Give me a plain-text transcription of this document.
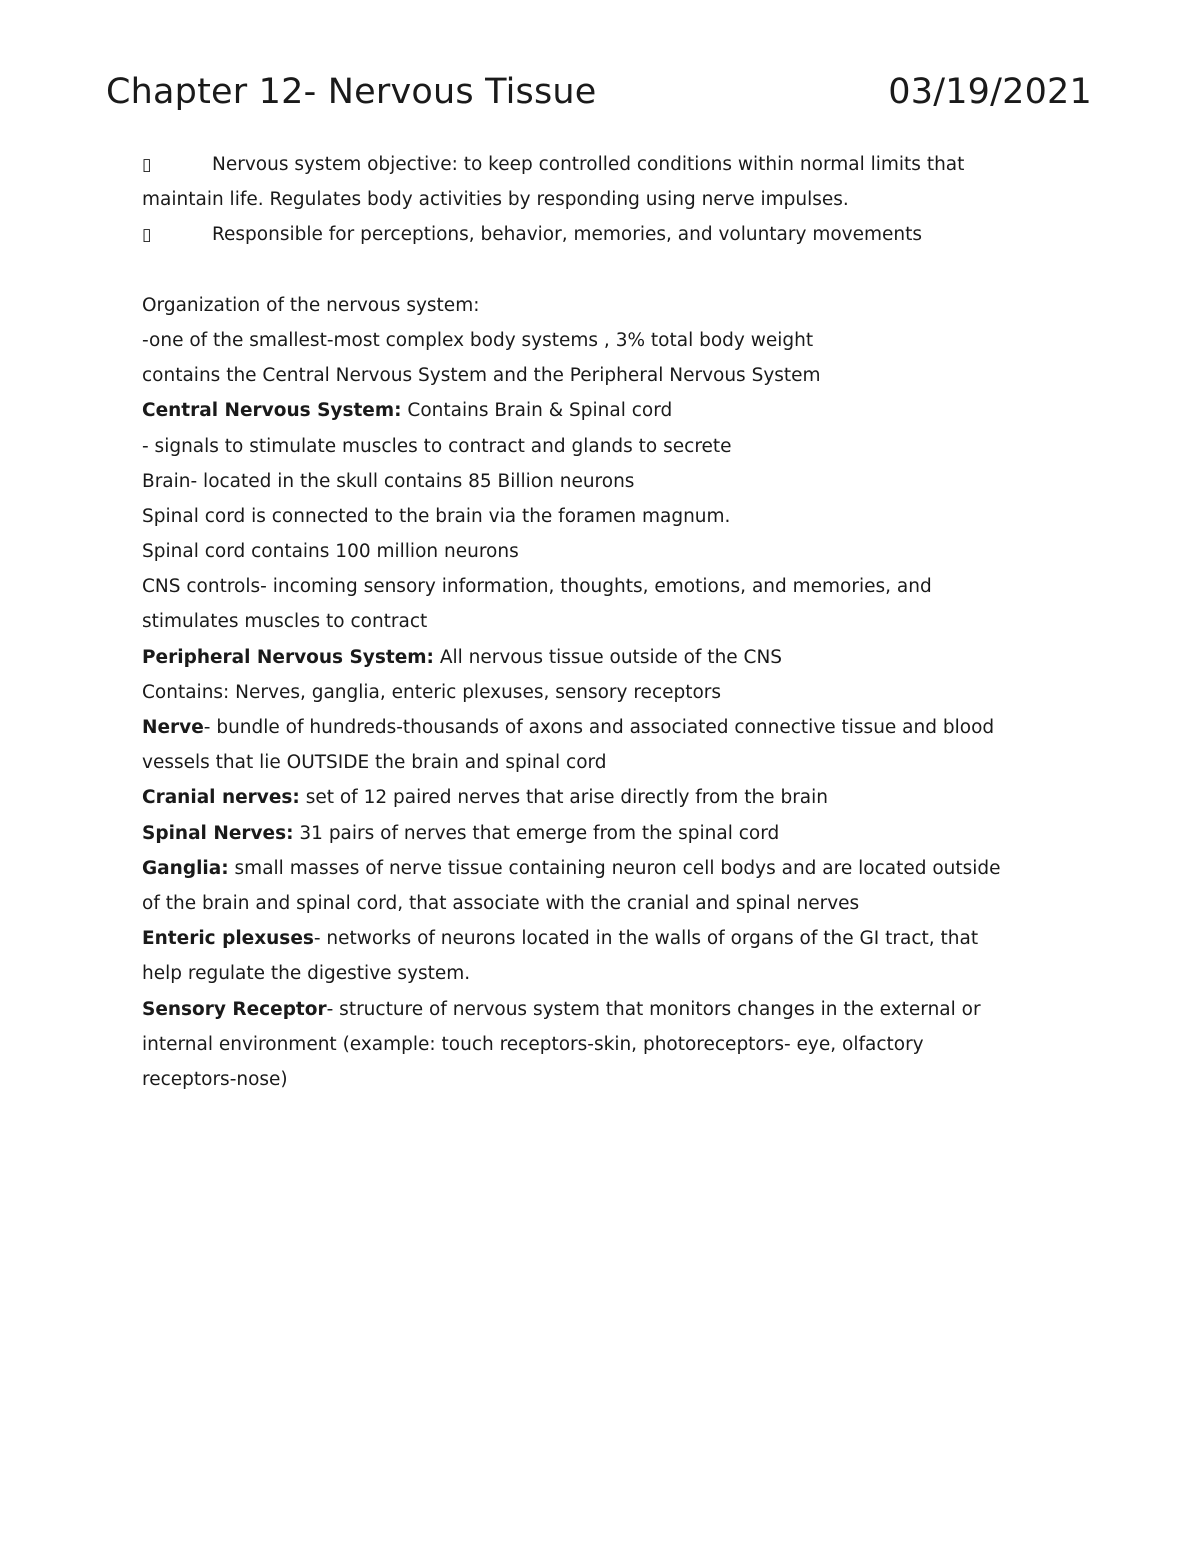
Chapter 12- Nervous Tissue	03/19/2021
▯	Nervous system objective: to keep controlled conditions within normal limits that
maintain life. Regulates body activities by responding using nerve impulses.
▯	Responsible for perceptions, behavior, memories, and voluntary movements
Organization of the nervous system:
-one of the smallest-most complex body systems , 3% total body weight
contains the Central Nervous System and the Peripheral Nervous System
Central Nervous System: Contains Brain & Spinal cord
- signals to stimulate muscles to contract and glands to secrete
Brain- located in the skull contains 85 Billion neurons
Spinal cord is connected to the brain via the foramen magnum.
Spinal cord contains 100 million neurons
CNS controls- incoming sensory information, thoughts, emotions, and memories, and
stimulates muscles to contract
Peripheral Nervous System: All nervous tissue outside of the CNS
Contains: Nerves, ganglia, enteric plexuses, sensory receptors
Nerve- bundle of hundreds-thousands of axons and associated connective tissue and blood
vessels that lie OUTSIDE the brain and spinal cord
Cranial nerves: set of 12 paired nerves that arise directly from the brain
Spinal Nerves: 31 pairs of nerves that emerge from the spinal cord
Ganglia: small masses of nerve tissue containing neuron cell bodys and are located outside
of the brain and spinal cord, that associate with the cranial and spinal nerves
Enteric plexuses- networks of neurons located in the walls of organs of the GI tract, that
help regulate the digestive system.
Sensory Receptor- structure of nervous system that monitors changes in the external or
internal environment (example: touch receptors-skin, photoreceptors- eye, olfactory
receptors-nose)
